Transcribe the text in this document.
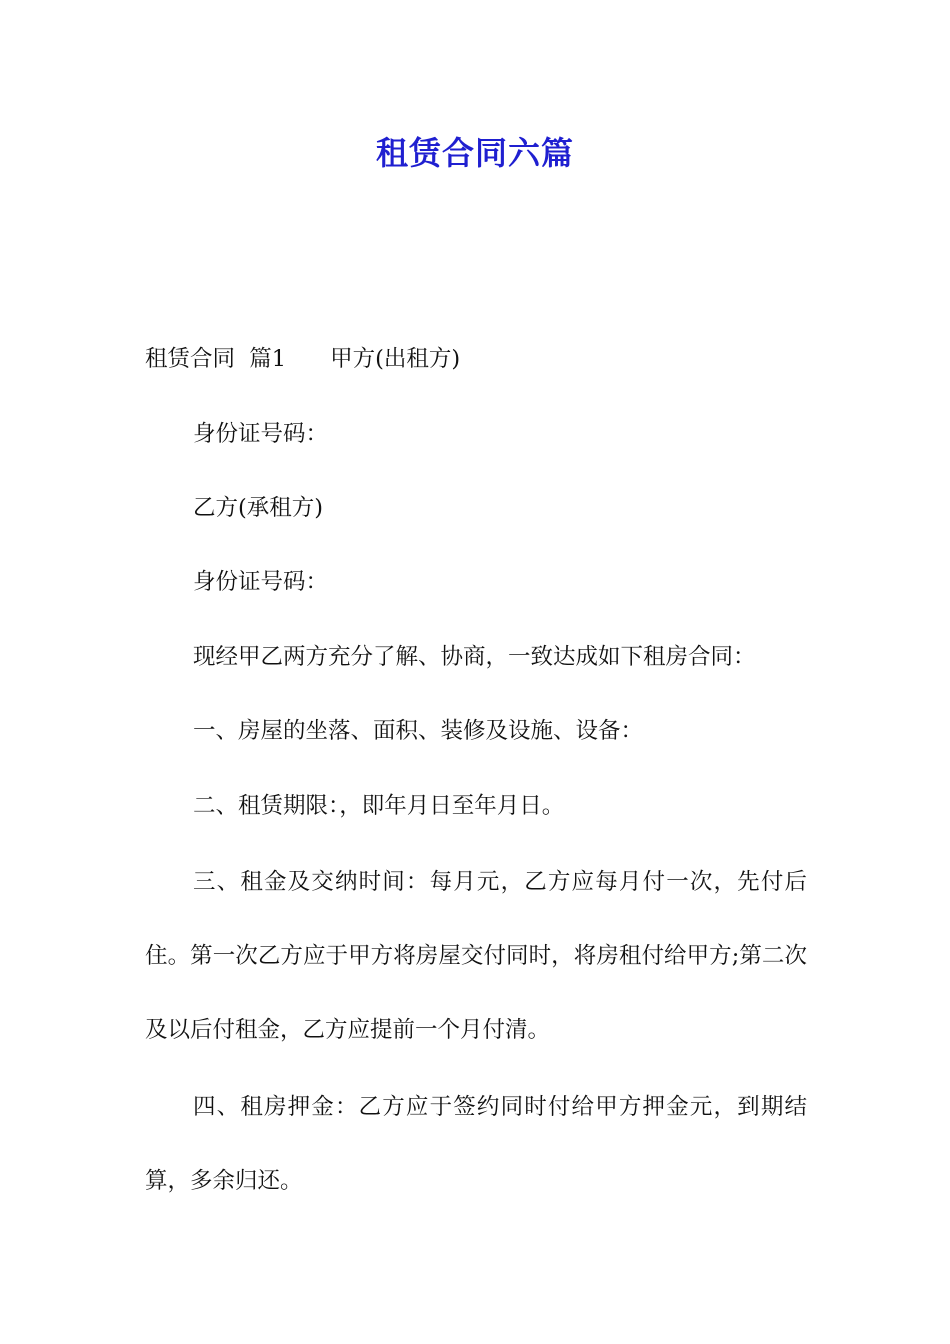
租赁合同六篇
租赁合同  篇1 甲方(出租方)
身份证号码：
乙方(承租方)
身份证号码：
现经甲乙两方充分了解、协商，一致达成如下租房合同：
一、房屋的坐落、面积、装修及设施、设备：
二、租赁期限：，即年月日至年月日。
三、租金及交纳时间：每月元，乙方应每月付一次，先付后住。第一次乙方应于甲方将房屋交付同时，将房租付给甲方;第二次及以后付租金，乙方应提前一个月付清。
四、租房押金：乙方应于签约同时付给甲方押金元，到期结算，多余归还。
